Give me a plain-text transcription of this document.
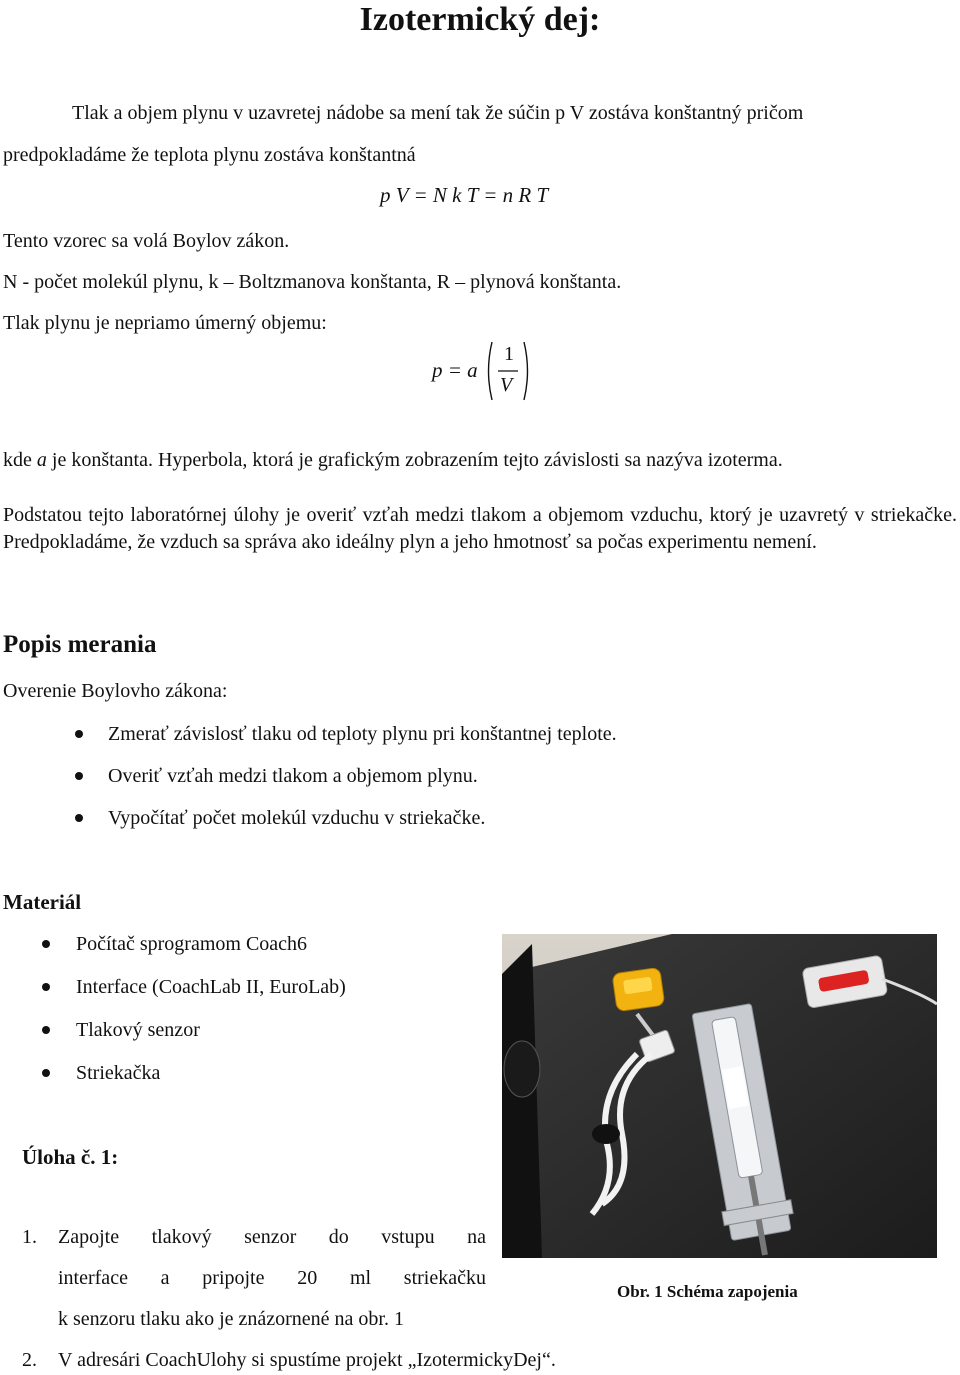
Izotermický dej:
Tlak a objem plynu v uzavretej nádobe sa mení tak že súčin p V zostáva konštantný pričom
predpokladáme že teplota plynu zostáva konštantná
p V = N k T = n R T
Tento vzorec sa volá Boylov zákon.
N - počet molekúl plynu, k – Boltzmanova konštanta, R – plynová konštanta.
Tlak plynu je nepriamo úmerný objemu:
p = a
1
V
kde a je konštanta. Hyperbola, ktorá je grafickým zobrazením tejto závislosti sa nazýva izoterma.
Podstatou tejto laboratórnej úlohy je overiť vzťah medzi tlakom a objemom vzduchu, ktorý je uzavretý v striekačke. Predpokladáme, že vzduch sa správa ako ideálny plyn a jeho hmotnosť sa počas experimentu nemení.
Popis merania
Overenie Boylovho zákona:
Zmerať závislosť tlaku od teploty plynu pri konštantnej teplote.
Overiť vzťah medzi tlakom a objemom plynu.
Vypočítať počet molekúl vzduchu v striekačke.
Materiál
Počítač sprogramom Coach6
Interface (CoachLab II, EuroLab)
Tlakový senzor
Striekačka
Obr. 1 Schéma zapojenia
Úloha č. 1:
1. Zapojte tlakový senzor do vstupu na
interface a pripojte 20 ml striekačku
k senzoru tlaku ako je znázornené na obr. 1
2. V adresári CoachUlohy si spustíme projekt „IzotermickyDej“.
